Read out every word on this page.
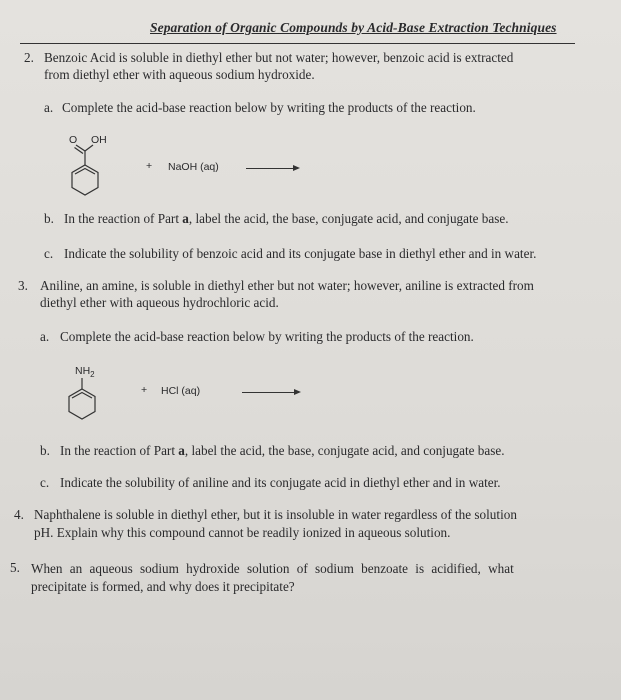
Separation of Organic Compounds by Acid-Base Extraction Techniques
2. Benzoic Acid is soluble in diethyl ether but not water; however, benzoic acid is extracted
from diethyl ether with aqueous sodium hydroxide.
a. Complete the acid-base reaction below by writing the products of the reaction.
O OH
+ NaOH (aq)
b. In the reaction of Part a, label the acid, the base, conjugate acid, and conjugate base.
c. Indicate the solubility of benzoic acid and its conjugate base in diethyl ether and in water.
3. Aniline, an amine, is soluble in diethyl ether but not water; however, aniline is extracted from
diethyl ether with aqueous hydrochloric acid.
a. Complete the acid-base reaction below by writing the products of the reaction.
$NH_2$
+ HCl (aq)
b. In the reaction of Part a, label the acid, the base, conjugate acid, and conjugate base.
c. Indicate the solubility of aniline and its conjugate acid in diethyl ether and in water.
4. Naphthalene is soluble in diethyl ether, but it is insoluble in water regardless of the solution
pH. Explain why this compound cannot be readily ionized in aqueous solution.
5. When an aqueous sodium hydroxide solution of sodium benzoate is acidified, what
precipitate is formed, and why does it precipitate?
